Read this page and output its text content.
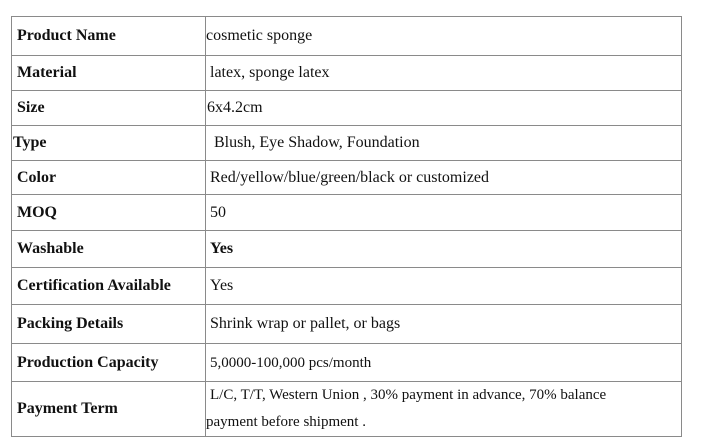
Product Name	cosmetic sponge
Material	latex, sponge latex
Size	6x4.2cm
Type	Blush, Eye Shadow, Foundation
Color	Red/yellow/blue/green/black or customized
MOQ	50
Washable	Yes
Certification Available	Yes
Packing Details	Shrink wrap or pallet, or bags
Production Capacity	5,0000-100,000 pcs/month
Payment Term	L/C, T/T, Western Union , 30% payment in advance, 70% balance
payment before shipment .
